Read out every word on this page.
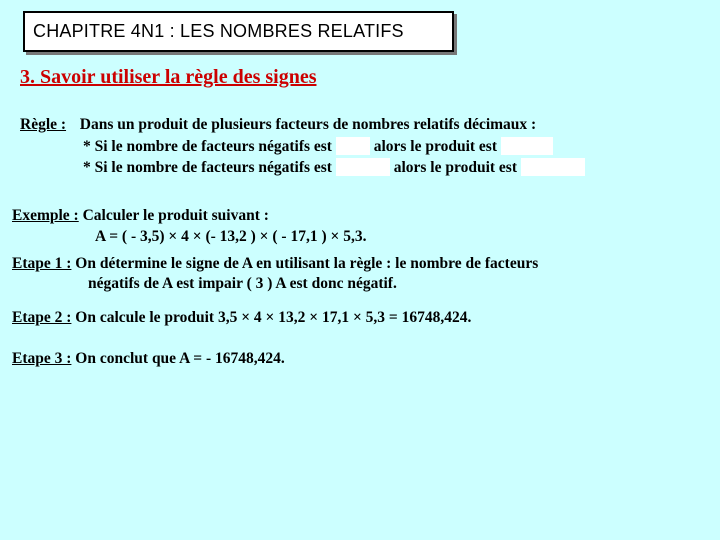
CHAPITRE 4N1 : LES NOMBRES RELATIFS
3. Savoir utiliser la règle des signes
Règle : Dans un produit de plusieurs facteurs de nombres relatifs décimaux :
* Si le nombre de facteurs négatifs est	alors le produit est
* Si le nombre de facteurs négatifs est	alors le produit est
Exemple : Calculer le produit suivant :
A = ( - 3,5) × 4 × (- 13,2 ) × ( - 17,1 ) × 5,3.
Etape 1 : On détermine le signe de A en utilisant la règle : le nombre de facteurs
négatifs de A est impair ( 3 ) A est donc négatif.
Etape 2 : On calcule le produit 3,5 × 4 × 13,2 × 17,1 × 5,3 = 16748,424.
Etape 3 : On conclut que A = - 16748,424.
